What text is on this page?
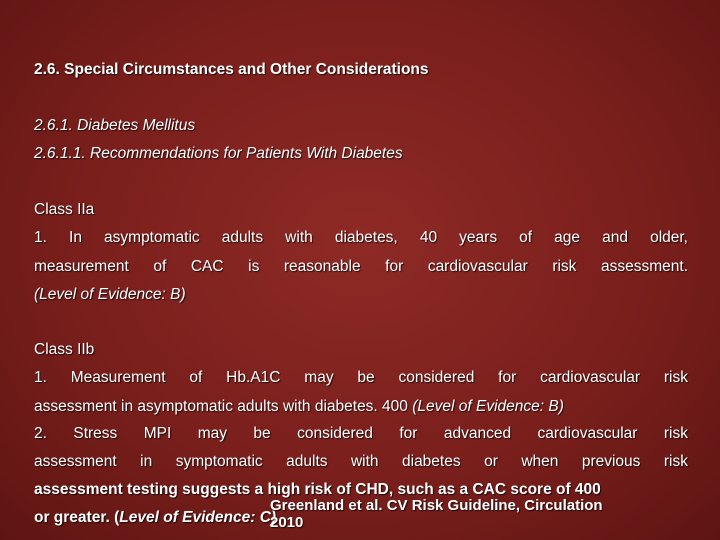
2.6. Special Circumstances and Other Considerations
2.6.1. Diabetes Mellitus
2.6.1.1. Recommendations for Patients With Diabetes
Class IIa
1. In asymptomatic adults with diabetes, 40 years of age and older,
measurement of CAC is reasonable for cardiovascular risk assessment.
(Level of Evidence: B)
Class IIb
1. Measurement of Hb.A1C may be considered for cardiovascular risk
assessment in asymptomatic adults with diabetes. 400 (Level of Evidence: B)
2. Stress MPI may be considered for advanced cardiovascular risk
assessment in symptomatic adults with diabetes or when previous risk
assessment testing suggests a high risk of CHD, such as a CAC score of 400
or greater. (Level of Evidence: C)
Greenland et al. CV Risk Guideline, Circulation
2010
